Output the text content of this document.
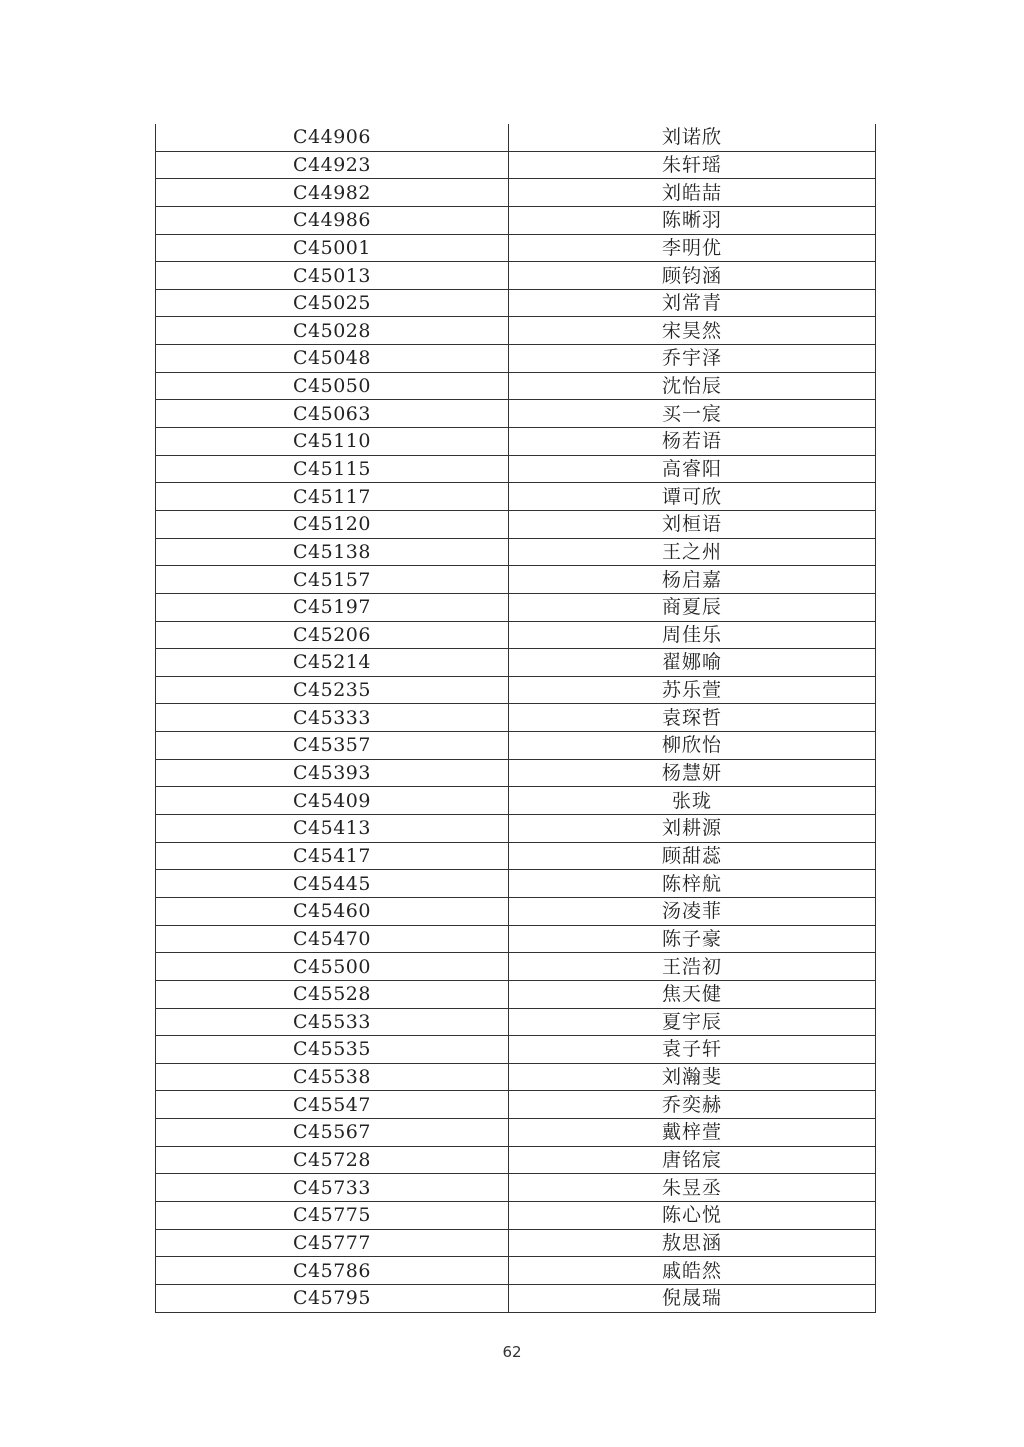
C44906	刘诺欣
C44923	朱轩瑶
C44982	刘皓喆
C44986	陈晰羽
C45001	李明优
C45013	顾钧涵
C45025	刘常青
C45028	宋昊然
C45048	乔宇泽
C45050	沈怡辰
C45063	买一宸
C45110	杨若语
C45115	高睿阳
C45117	谭可欣
C45120	刘桓语
C45138	王之州
C45157	杨启嘉
C45197	商夏辰
C45206	周佳乐
C45214	翟娜喻
C45235	苏乐萱
C45333	袁琛哲
C45357	柳欣怡
C45393	杨慧妍
C45409	张珑
C45413	刘耕源
C45417	顾甜蕊
C45445	陈梓航
C45460	汤凌菲
C45470	陈子豪
C45500	王浩初
C45528	焦天健
C45533	夏宇辰
C45535	袁子轩
C45538	刘瀚斐
C45547	乔奕赫
C45567	戴梓萱
C45728	唐铭宸
C45733	朱昱丞
C45775	陈心悦
C45777	敖思涵
C45786	戚皓然
C45795	倪晟瑞
62
